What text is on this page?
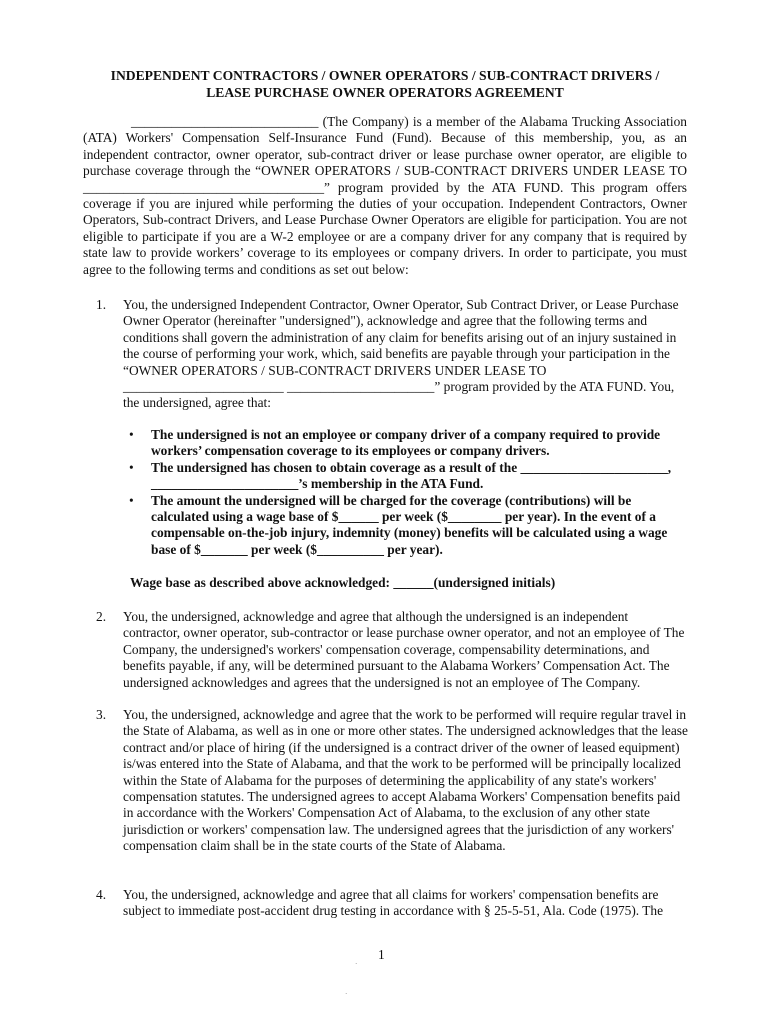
INDEPENDENT CONTRACTORS / OWNER OPERATORS / SUB-CONTRACT DRIVERS /
LEASE PURCHASE OWNER OPERATORS AGREEMENT

____________________________ (The Company) is a member of the Alabama Trucking Association (ATA) Workers' Compensation Self-Insurance Fund (Fund). Because of this membership, you, as an independent contractor, owner operator, sub-contract driver or lease purchase owner operator, are eligible to purchase coverage through the “OWNER OPERATORS / SUB-CONTRACT DRIVERS UNDER LEASE TO ____________________________________” program provided by the ATA FUND. This program offers coverage if you are injured while performing the duties of your occupation. Independent Contractors, Owner Operators, Sub-contract Drivers, and Lease Purchase Owner Operators are eligible for participation. You are not eligible to participate if you are a W-2 employee or are a company driver for any company that is required by state law to provide workers’ coverage to its employees or company drivers. In order to participate, you must agree to the following terms and conditions as set out below:

1.	You, the undersigned Independent Contractor, Owner Operator, Sub Contract Driver, or Lease Purchase Owner Operator (hereinafter "undersigned"), acknowledge and agree that the following terms and conditions shall govern the administration of any claim for benefits arising out of an injury sustained in the course of performing your work, which, said benefits are payable through your participation in the “OWNER OPERATORS / SUB-CONTRACT DRIVERS UNDER LEASE TO ________________________ ______________________” program provided by the ATA FUND. You, the undersigned, agree that:
• The undersigned is not an employee or company driver of a company required to provide workers’ compensation coverage to its employees or company drivers.
• The undersigned has chosen to obtain coverage as a result of the ______________________, ______________________’s membership in the ATA Fund.
• The amount the undersigned will be charged for the coverage (contributions) will be calculated using a wage base of $______ per week ($________ per year). In the event of a compensable on-the-job injury, indemnity (money) benefits will be calculated using a wage base of $_______ per week ($__________ per year).
Wage base as described above acknowledged: ______(undersigned initials)
2.	You, the undersigned, acknowledge and agree that although the undersigned is an independent contractor, owner operator, sub-contractor or lease purchase owner operator, and not an employee of The Company, the undersigned's workers' compensation coverage, compensability determinations, and benefits payable, if any, will be determined pursuant to the Alabama Workers’ Compensation Act. The undersigned acknowledges and agrees that the undersigned is not an employee of The Company.
3.	You, the undersigned, acknowledge and agree that the work to be performed will require regular travel in the State of Alabama, as well as in one or more other states. The undersigned acknowledges that the lease contract and/or place of hiring (if the undersigned is a contract driver of the owner of leased equipment) is/was entered into the State of Alabama, and that the work to be performed will be principally localized within the State of Alabama for the purposes of determining the applicability of any state's workers' compensation statutes. The undersigned agrees to accept Alabama Workers' Compensation benefits paid in accordance with the Workers' Compensation Act of Alabama, to the exclusion of any other state jurisdiction or workers' compensation law. The undersigned agrees that the jurisdiction of any workers' compensation claim shall be in the state courts of the State of Alabama.
4.	You, the undersigned, acknowledge and agree that all claims for workers' compensation benefits are subject to immediate post-accident drug testing in accordance with § 25-5-51, Ala. Code (1975). The
1
·
·
